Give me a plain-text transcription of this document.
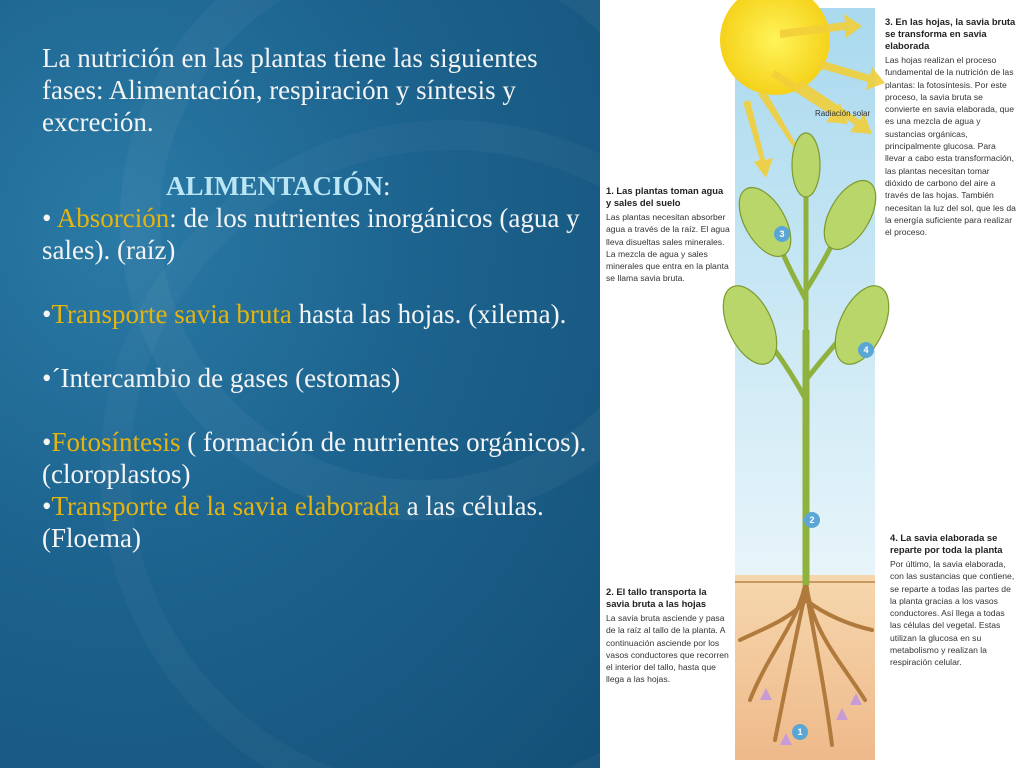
La nutrición en las plantas tiene las siguientes fases: Alimentación, respiración y síntesis y excreción.

ALIMENTACIÓN:

• Absorción: de los nutrientes inorgánicos (agua y sales). (raíz)

•Transporte savia bruta hasta las hojas. (xilema).

•´Intercambio de gases (estomas)

•Fotosíntesis ( formación de nutrientes orgánicos). (cloroplastos)

•Transporte de la savia elaborada a las células. (Floema)

Radiación solar
1
2
3
4
1. Las plantas toman agua y sales del suelo
Las plantas necesitan absorber agua a través de la raíz. El agua lleva disueltas sales minerales. La mezcla de agua y sales minerales que entra en la planta se llama savia bruta.
2. El tallo transporta la savia bruta a las hojas
La savia bruta asciende y pasa de la raíz al tallo de la planta. A continuación asciende por los vasos conductores que recorren el interior del tallo, hasta que llega a las hojas.
3. En las hojas, la savia bruta se transforma en savia elaborada
Las hojas realizan el proceso fundamental de la nutrición de las plantas: la fotosíntesis. Por este proceso, la savia bruta se convierte en savia elaborada, que es una mezcla de agua y sustancias orgánicas, principalmente glucosa. Para llevar a cabo esta transformación, las plantas necesitan tomar dióxido de carbono del aire a través de las hojas. También necesitan la luz del sol, que les da la energía suficiente para realizar el proceso.
4. La savia elaborada se reparte por toda la planta
Por último, la savia elaborada, con las sustancias que contiene, se reparte a todas las partes de la planta gracias a los vasos conductores. Así llega a todas las células del vegetal. Estas utilizan la glucosa en su metabolismo y realizan la respiración celular.
